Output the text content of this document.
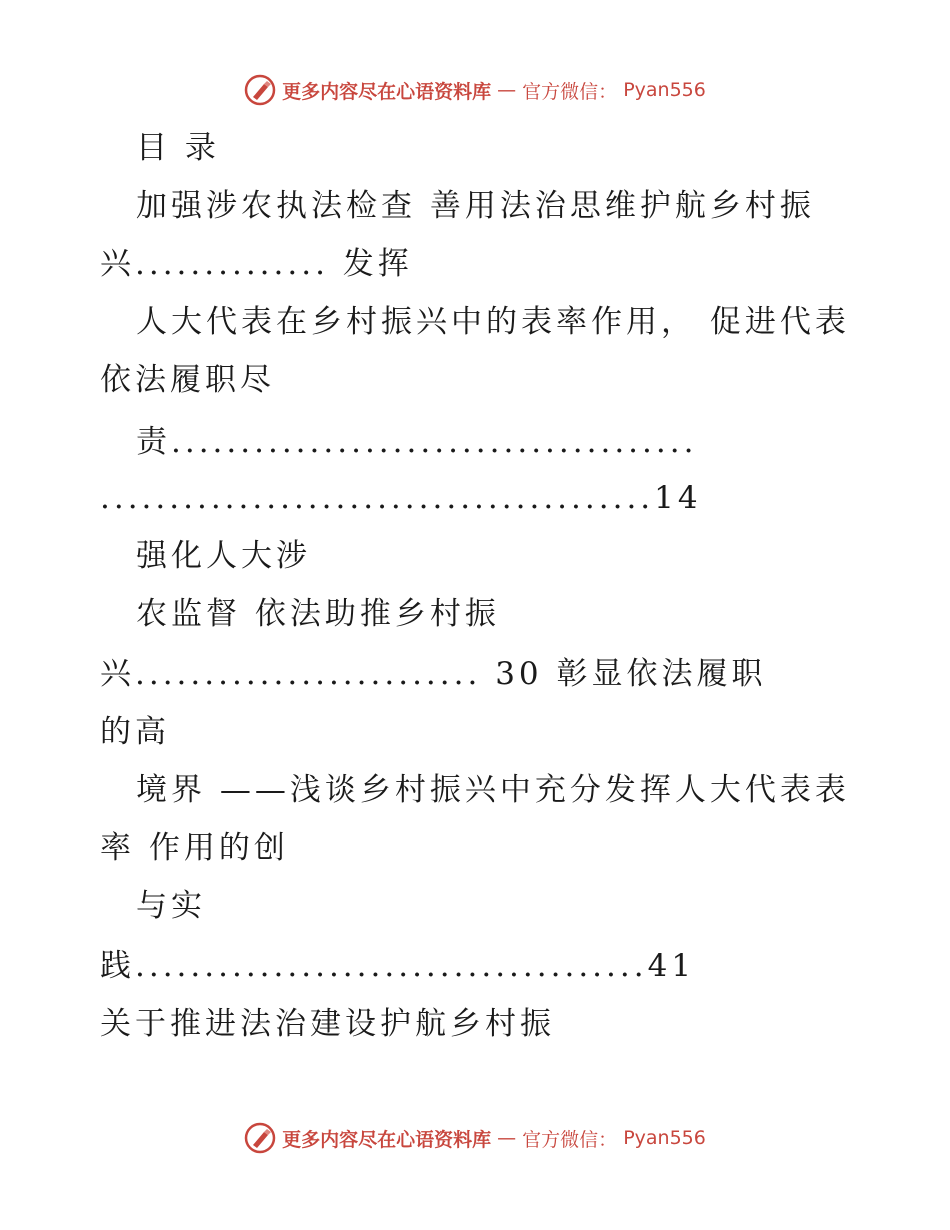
更多内容尽在心语资料库 — 官方微信： Pyan556
目 录
加强涉农执法检查 善用法治思维护航乡村振
兴.............. 发挥
人大代表在乡村振兴中的表率作用， 促进代表
依法履职尽
责......................................
........................................14
强化人大涉
农监督 依法助推乡村振
兴......................... 30 彰显依法履职
的高
境界 ——浅谈乡村振兴中充分发挥人大代表表
率 作用的创
与实
践.....................................41
关于推进法治建设护航乡村振
更多内容尽在心语资料库 — 官方微信： Pyan556
